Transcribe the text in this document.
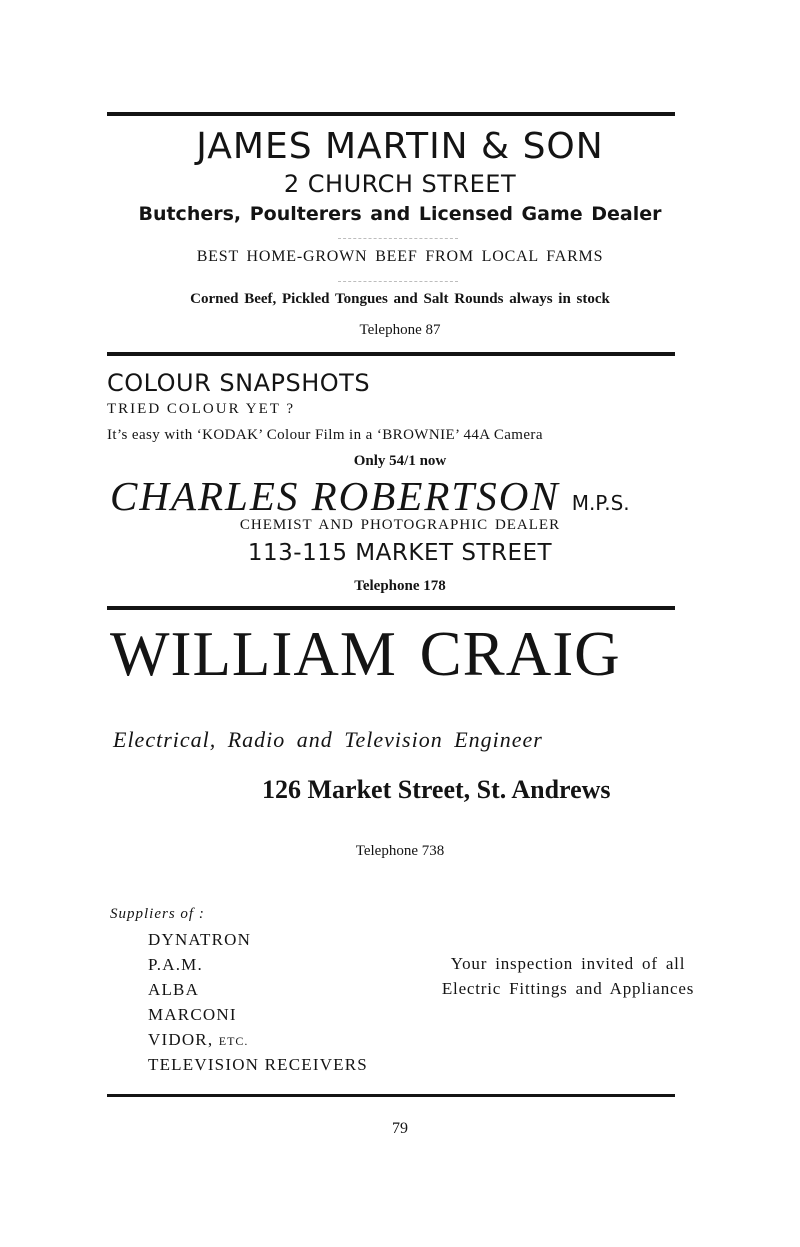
JAMES MARTIN & SON

2 CHURCH STREET

Butchers, Poulterers and Licensed Game Dealer

BEST HOME-GROWN BEEF FROM LOCAL FARMS

Corned Beef, Pickled Tongues and Salt Rounds always in stock

Telephone 87

COLOUR SNAPSHOTS

TRIED COLOUR YET ?

It’s easy with ‘KODAK’ Colour Film in a ‘BROWNIE’ 44A Camera

Only 54/1 now

CHARLES ROBERTSON M.P.S.

CHEMIST AND PHOTOGRAPHIC DEALER

113-115 MARKET STREET

Telephone 178

WILLIAM CRAIG

Electrical, Radio and Television Engineer

126 Market Street, St. Andrews

Telephone 738

Suppliers of :

DYNATRON
P.A.M.
ALBA
MARCONI
VIDOR, ETC.
TELEVISION RECEIVERS
Your inspection invited of all Electric Fittings and Appliances

79
